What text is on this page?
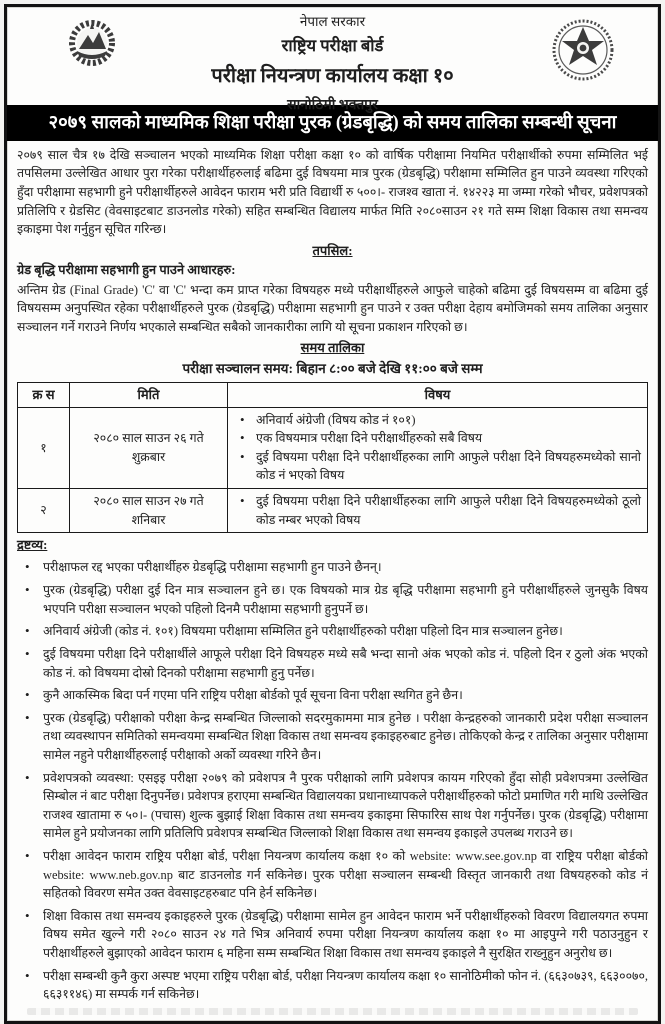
नेपाल सरकार
राष्ट्रिय परीक्षा बोर्ड
परीक्षा नियन्त्रण कार्यालय कक्षा १०
सानोठिमी भक्तपुर
२०७९ सालको माध्यमिक शिक्षा परीक्षा पुरक (ग्रेडबृद्धि) को समय तालिका सम्बन्धी सूचना

२०७९ साल चैत्र १७ देखि सञ्चालन भएको माध्यमिक शिक्षा परीक्षा कक्षा १० को वार्षिक परीक्षामा नियमित परीक्षार्थीको रुपमा सम्मिलित भई तपसिलमा उल्लेखित आधार पुरा गरेका परीक्षार्थीहरुलाई बढिमा दुई विषयमा मात्र पुरक (ग्रेडबृद्धि) परीक्षामा सम्मिलित हुन पाउने व्यवस्था गरिएको हुँदा परीक्षामा सहभागी हुने परीक्षार्थीहरुले आवेदन फाराम भरी प्रति विद्यार्थी रु ५००।- राजश्व खाता नं. १४२२३ मा जम्मा गरेको भौचर, प्रवेशपत्रको प्रतिलिपि र ग्रेडसिट (वेवसाइटबाट डाउनलोड गरेको) सहित सम्बन्धित विद्यालय मार्फत मिति २०८०साउन २१ गते सम्म शिक्षा विकास तथा समन्वय इकाइमा पेश गर्नुहुन सूचित गरिन्छ।

तपसिल:
ग्रेड बृद्धि परीक्षामा सहभागी हुन पाउने आधारहरु:

अन्तिम ग्रेड (Final Grade) 'C' वा 'C' भन्दा कम प्राप्त गरेका विषयहरु मध्ये परीक्षार्थीहरुले आफुले चाहेको बढिमा दुई विषयसम्म वा बढिमा दुई विषयसम्म अनुपस्थित रहेका परीक्षार्थीहरुले पुरक (ग्रेडबृद्धि) परीक्षामा सहभागी हुन पाउने र उक्त परीक्षा देहाय बमोजिमको समय तालिका अनुसार सञ्चालन गर्ने गराउने निर्णय भएकाले सम्बन्धित सबैको जानकारीका लागि यो सूचना प्रकाशन गरिएको छ।

समय तालिका
परीक्षा सञ्चालन समय: बिहान ८:०० बजे देखि ११:०० बजे सम्म
क्र स	मिति	विषय
१	२०८० साल साउन २६ गते शुक्रबार	
• अनिवार्य अंग्रेजी (विषय कोड नं १०१)
• एक विषयमात्र परीक्षा दिने परीक्षार्थीहरुको सबै विषय
• दुई विषयमा परीक्षा दिने परीक्षार्थीहरुका लागि आफुले परीक्षा दिने विषयहरुमध्येको सानो कोड नं भएको विषय

२	२०८० साल साउन २७ गते शनिबार	
• दुई विषयमा परीक्षा दिने परीक्षार्थीहरुका लागि आफुले परीक्षा दिने विषयहरुमध्येको ठूलो कोड नम्बर भएको विषय
द्रष्टव्य:
• परीक्षाफल रद्द भएका परीक्षार्थीहरु ग्रेडबृद्धि परीक्षामा सहभागी हुन पाउने छैनन्।
• पुरक (ग्रेडबृद्धि) परीक्षा दुई दिन मात्र सञ्चालन हुने छ। एक विषयको मात्र ग्रेड बृद्धि परीक्षामा सहभागी हुने परीक्षार्थीहरुले जुनसुकै विषय भएपनि परीक्षा सञ्चालन भएको पहिलो दिनमै परीक्षामा सहभागी हुनुपर्ने छ।
• अनिवार्य अंग्रेजी (कोड नं. १०१) विषयमा परीक्षामा सम्मिलित हुने परीक्षार्थीहरुको परीक्षा पहिलो दिन मात्र सञ्चालन हुनेछ।
• दुई विषयमा परीक्षा दिने परीक्षार्थीले आफूले परीक्षा दिने विषयहरु मध्ये सबै भन्दा सानो अंक भएको कोड नं. पहिलो दिन र ठुलो अंक भएको कोड नं. को विषयमा दोस्रो दिनको परीक्षामा सहभागी हुनु पर्नेछ।
• कुनै आकस्मिक बिदा पर्न गएमा पनि राष्ट्रिय परीक्षा बोर्डको पूर्व सूचना विना परीक्षा स्थगित हुने छैन।
• पुरक (ग्रेडबृद्धि) परीक्षाको परीक्षा केन्द्र सम्बन्धित जिल्लाको सदरमुकाममा मात्र हुनेछ । परीक्षा केन्द्रहरुको जानकारी प्रदेश परीक्षा सञ्चालन तथा व्यवस्थापन समितिको समन्वयमा सम्बन्धित शिक्षा विकास तथा समन्वय इकाइहरुबाट हुनेछ। तोकिएको केन्द्र र तालिका अनुसार परीक्षामा सामेल नहुने परीक्षार्थीहरुलाई परीक्षाको अर्को व्यवस्था गरिने छैन।
• प्रवेशपत्रको व्यवस्था: एसइइ परीक्षा २०७९ को प्रवेशपत्र नै पुरक परीक्षाको लागि प्रवेशपत्र कायम गरिएको हुँदा सोही प्रवेशपत्रमा उल्लेखित सिम्बोल नं बाट परीक्षा दिनुपर्नेछ। प्रवेशपत्र हराएमा सम्बन्धित विद्यालयका प्रधानाध्यापकले परीक्षार्थीहरुको फोटो प्रमाणित गरी माथि उल्लेखित राजश्व खातामा रु ५०।- (पचास) शुल्क बुझाई शिक्षा विकास तथा समन्वय इकाइमा सिफारिस साथ पेश गर्नुपर्नेछ। पुरक (ग्रेडबृद्धि) परीक्षामा सामेल हुने प्रयोजनका लागि प्रतिलिपि प्रवेशपत्र सम्बन्धित जिल्लाको शिक्षा विकास तथा समन्वय इकाइले उपलब्ध गराउने छ।
• परीक्षा आवेदन फाराम राष्ट्रिय परीक्षा बोर्ड, परीक्षा नियन्त्रण कार्यालय कक्षा १० को website: www.see.gov.np वा राष्ट्रिय परीक्षा बोर्डको website: www.neb.gov.np बाट डाउनलोड गर्न सकिनेछ। पुरक परीक्षा सञ्चालन सम्बन्धी विस्तृत जानकारी तथा विषयहरुको कोड नं सहितको विवरण समेत उक्त वेवसाइटहरुबाट पनि हेर्न सकिनेछ।
• शिक्षा विकास तथा समन्वय इकाइहरुले पुरक (ग्रेडबृद्धि) परीक्षामा सामेल हुन आवेदन फाराम भर्ने परीक्षार्थीहरुको विवरण विद्यालयगत रुपमा विषय समेत खुल्ने गरी २०८० साउन २४ गते भित्र अनिवार्य रुपमा परीक्षा नियन्त्रण कार्यालय कक्षा १० मा आइपुग्ने गरी पठाउनुहुन र परीक्षार्थीहरुले बुझाएको आवेदन फाराम ६ महिना सम्म सम्बन्धित शिक्षा विकास तथा समन्वय इकाइले नै सुरक्षित राख्नुहुन अनुरोध छ।
• परीक्षा सम्बन्धी कुनै कुरा अस्पष्ट भएमा राष्ट्रिय परीक्षा बोर्ड, परीक्षा नियन्त्रण कार्यालय कक्षा १० सानोठिमीको फोन नं. (६६३०७३९, ६६३००७०, ६६३११४६) मा सम्पर्क गर्न सकिनेछ।
